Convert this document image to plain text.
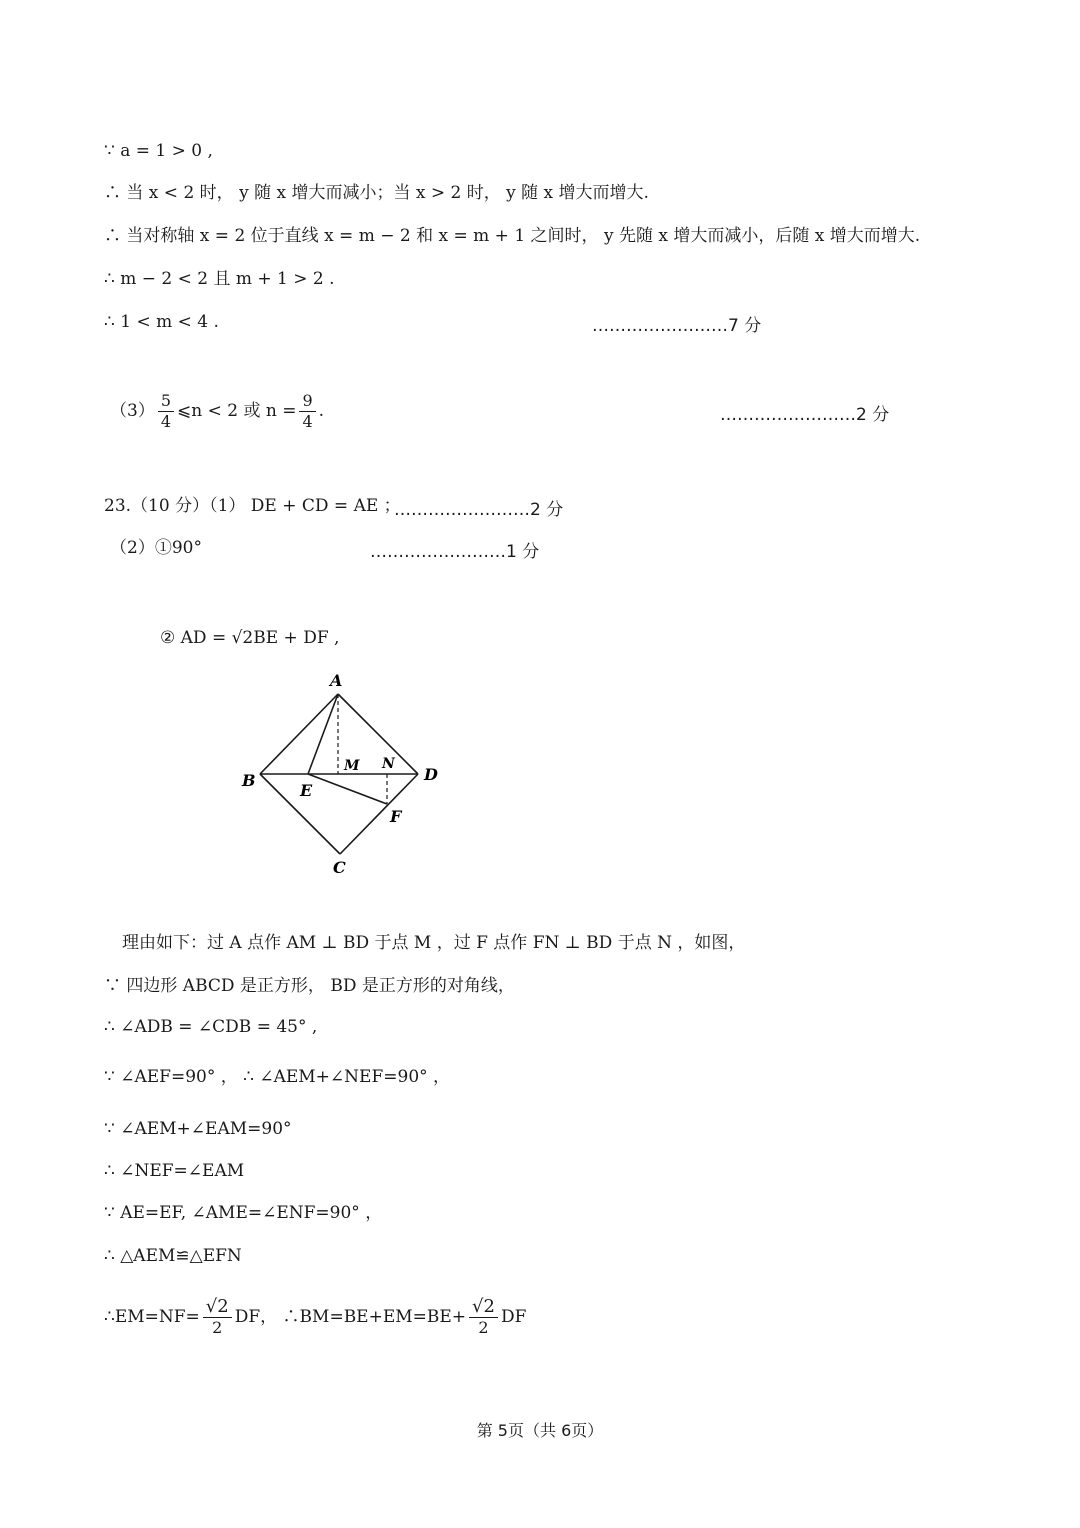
∵ a = 1 > 0 ,
∴ 当 x < 2 时， y 随 x 增大而减小；当 x > 2 时， y 随 x 增大而增大.
∴ 当对称轴 x = 2 位于直线 x = m − 2 和 x = m + 1 之间时， y 先随 x 增大而减小，后随 x 增大而增大.
∴ m − 2 < 2 且 m + 1 > 2 .
∴ 1 < m < 4 .	……………………7 分
$(3) \frac{5}{4}$ ⩽n < 2 或 $n = \frac{9}{4}$ .	……………………2 分
23.（10 分）（1） DE + CD = AE ；
……………………2 分
（2）①90°	……………………1 分
② AD = √2BE + DF ,
A
B
C
D
E
F
M N
理由如下：过 A 点作 AM ⊥ BD 于点 M ，过 F 点作 FN ⊥ BD 于点 N ，如图，
∵ 四边形 ABCD 是正方形， BD 是正方形的对角线，
∴ ∠ADB = ∠CDB = 45° ,
∵ ∠AEF=90° ， ∴ ∠AEM+∠NEF=90° ，
∵ ∠AEM+∠EAM=90°
∴ ∠NEF=∠EAM
∵ AE=EF, ∠AME=∠ENF=90° ，
∴ △AEM≌△EFN
∴EM=NF= $\frac{√2}{2}$ DF， ∴BM=BE+EM=BE+ $\frac{√2}{2}$ DF
第 5页（共 6页）
